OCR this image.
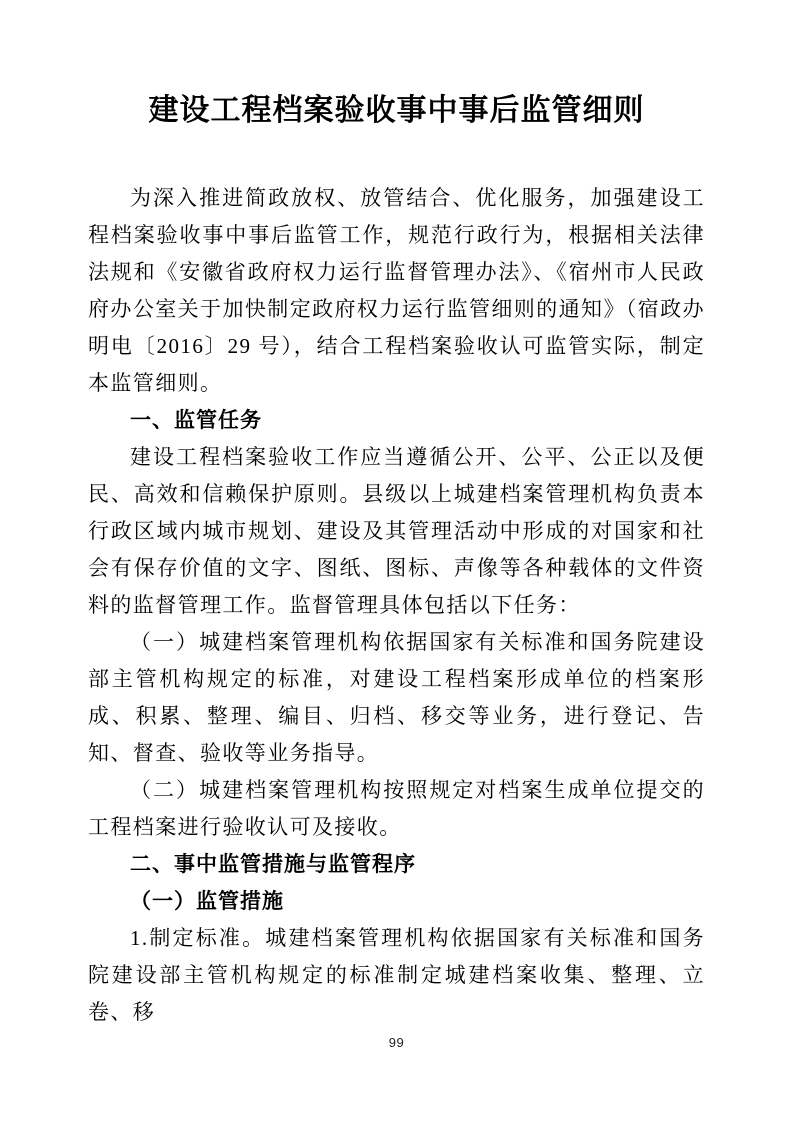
建设工程档案验收事中事后监管细则

为深入推进简政放权、放管结合、优化服务，加强建设工程档案验收事中事后监管工作，规范行政行为，根据相关法律法规和《安徽省政府权力运行监督管理办法》、《宿州市人民政府办公室关于加快制定政府权力运行监管细则的通知》（宿政办明电〔2016〕29 号），结合工程档案验收认可监管实际，制定本监管细则。

一、监管任务

建设工程档案验收工作应当遵循公开、公平、公正以及便民、高效和信赖保护原则。县级以上城建档案管理机构负责本行政区域内城市规划、建设及其管理活动中形成的对国家和社会有保存价值的文字、图纸、图标、声像等各种载体的文件资料的监督管理工作。监督管理具体包括以下任务：

（一）城建档案管理机构依据国家有关标准和国务院建设部主管机构规定的标准，对建设工程档案形成单位的档案形成、积累、整理、编目、归档、移交等业务，进行登记、告知、督查、验收等业务指导。

（二）城建档案管理机构按照规定对档案生成单位提交的工程档案进行验收认可及接收。

二、事中监管措施与监管程序

（一）监管措施

1.制定标准。城建档案管理机构依据国家有关标准和国务院建设部主管机构规定的标准制定城建档案收集、整理、立卷、移

99
